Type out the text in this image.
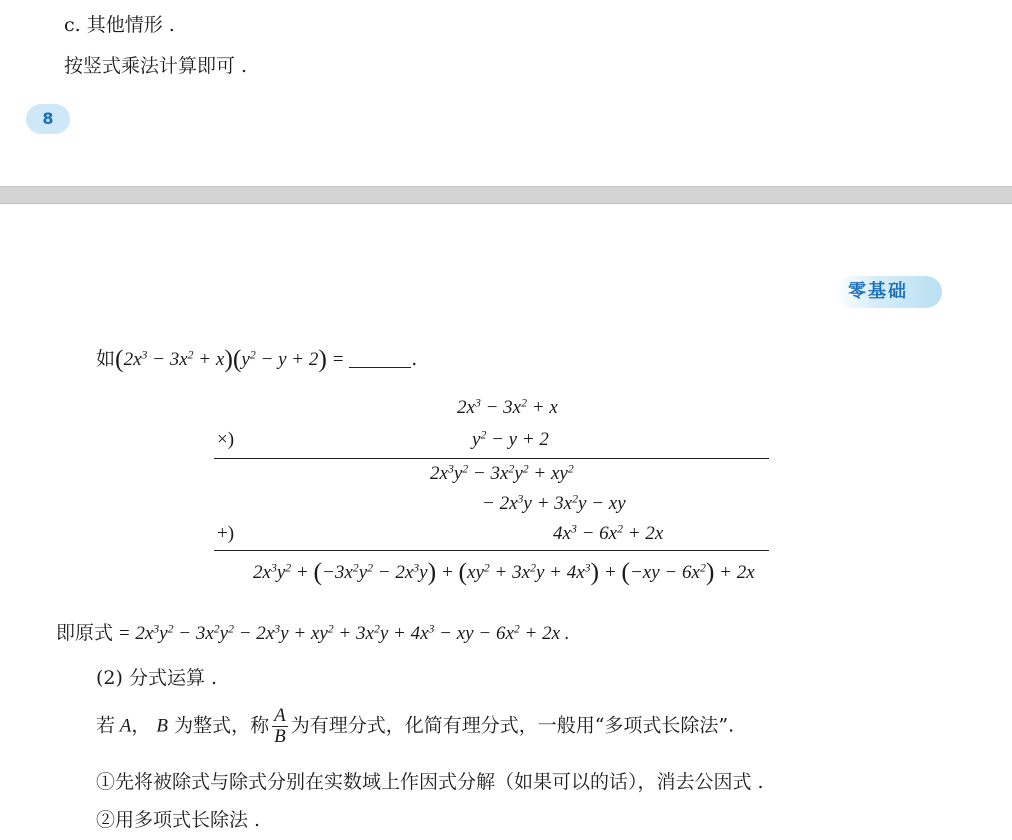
c. 其他情形 .
按竖式乘法计算即可 .
8
零基础
如$(2x^3 - 3x^2 + x)(y^2 - y + 2)$ =	.
$2x^3 - 3x^2 + x$
×)	$y^2 - y + 2$
$2x^3y^2 - 3x^2y^2 + xy^2$
− $2x^3y + 3x^2y$ − xy
+)	$4x^3 - 6x^2 + 2x$
$2x^3y^2 + (-3x^2y^2 - 2x^3y) + (xy^2 + 3x^2y + 4x^3) + (-xy - 6x^2) + 2x$
即原式 = $2x^3y^2 - 3x^2y^2 - 2x^3y + xy^2 + 3x^2y + 4x^3$ − xy − $6x^2 + 2x$ .
(2) 分式运算 .
若 A， B 为整式，称 $\frac{A}{B}$ 为有理分式，化简有理分式，一般用“多项式长除法”.
①先将被除式与除式分别在实数域上作因式分解（如果可以的话），消去公因式 .
②用多项式长除法 .
